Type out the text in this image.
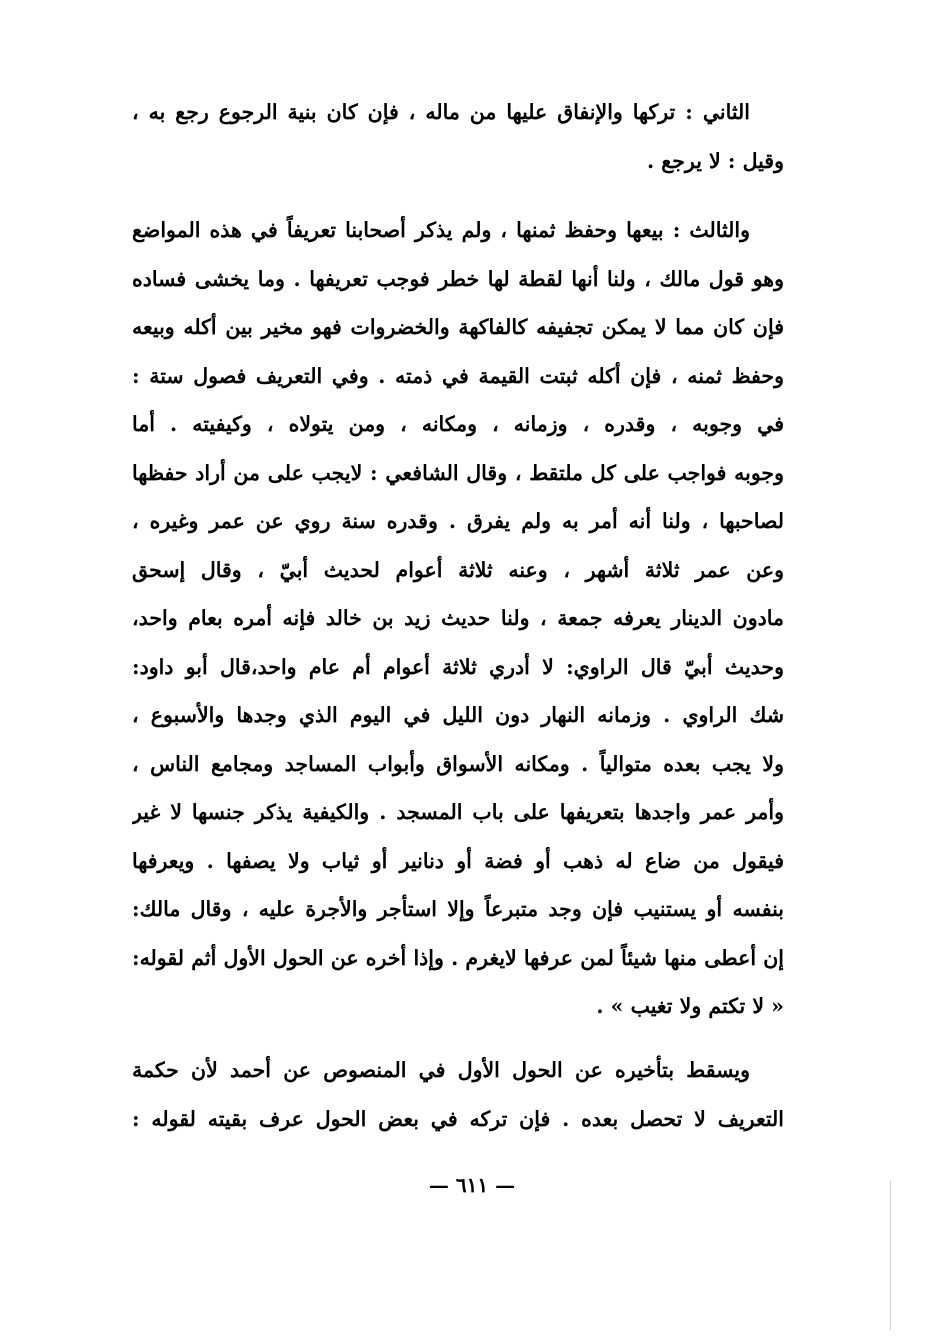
الثاني : تركها والإنفاق عليها من ماله ، فإن كان بنية الرجوع رجع به ،
وقيل : لا يرجع .
والثالث : بيعها وحفظ ثمنها ، ولم يذكر أصحابنا تعريفاً في هذه المواضع
وهو قول مالك ، ولنا أنها لقطة لها خطر فوجب تعريفها . وما يخشى فساده
فإن كان مما لا يمكن تجفيفه كالفاكهة والخضروات فهو مخير بين أكله وبيعه
وحفظ ثمنه ، فإن أكله ثبتت القيمة في ذمته . وفي التعريف فصول ستة :
في وجوبه ، وقدره ، وزمانه ، ومكانه ، ومن يتولاه ، وكيفيته . أما
وجوبه فواجب على كل ملتقط ، وقال الشافعي : لايجب على من أراد حفظها
لصاحبها ، ولنا أنه أمر به ولم يفرق . وقدره سنة روي عن عمر وغيره ،
وعن عمر ثلاثة أشهر ، وعنه ثلاثة أعوام لحديث أبيّ ، وقال إسحق
مادون الدينار يعرفه جمعة ، ولنا حديث زيد بن خالد فإنه أمره بعام واحد،
وحديث أبيّ قال الراوي: لا أدري ثلاثة أعوام أم عام واحد،قال أبو داود:
شك الراوي . وزمانه النهار دون الليل في اليوم الذي وجدها والأسبوع ،
ولا يجب بعده متوالياً . ومكانه الأسواق وأبواب المساجد ومجامع الناس ،
وأمر عمر واجدها بتعريفها على باب المسجد . والكيفية يذكر جنسها لا غير
فيقول من ضاع له ذهب أو فضة أو دنانير أو ثياب ولا يصفها . ويعرفها
بنفسه أو يستنيب فإن وجد متبرعاً وإلا استأجر والأجرة عليه ، وقال مالك:
إن أعطى منها شيئاً لمن عرفها لايغرم . وإذا أخره عن الحول الأول أثم لقوله:
« لا تكتم ولا تغيب » .
ويسقط بتأخيره عن الحول الأول في المنصوص عن أحمد لأن حكمة
التعريف لا تحصل بعده . فإن تركه في بعض الحول عرف بقيته لقوله :
— ٦١١ —
